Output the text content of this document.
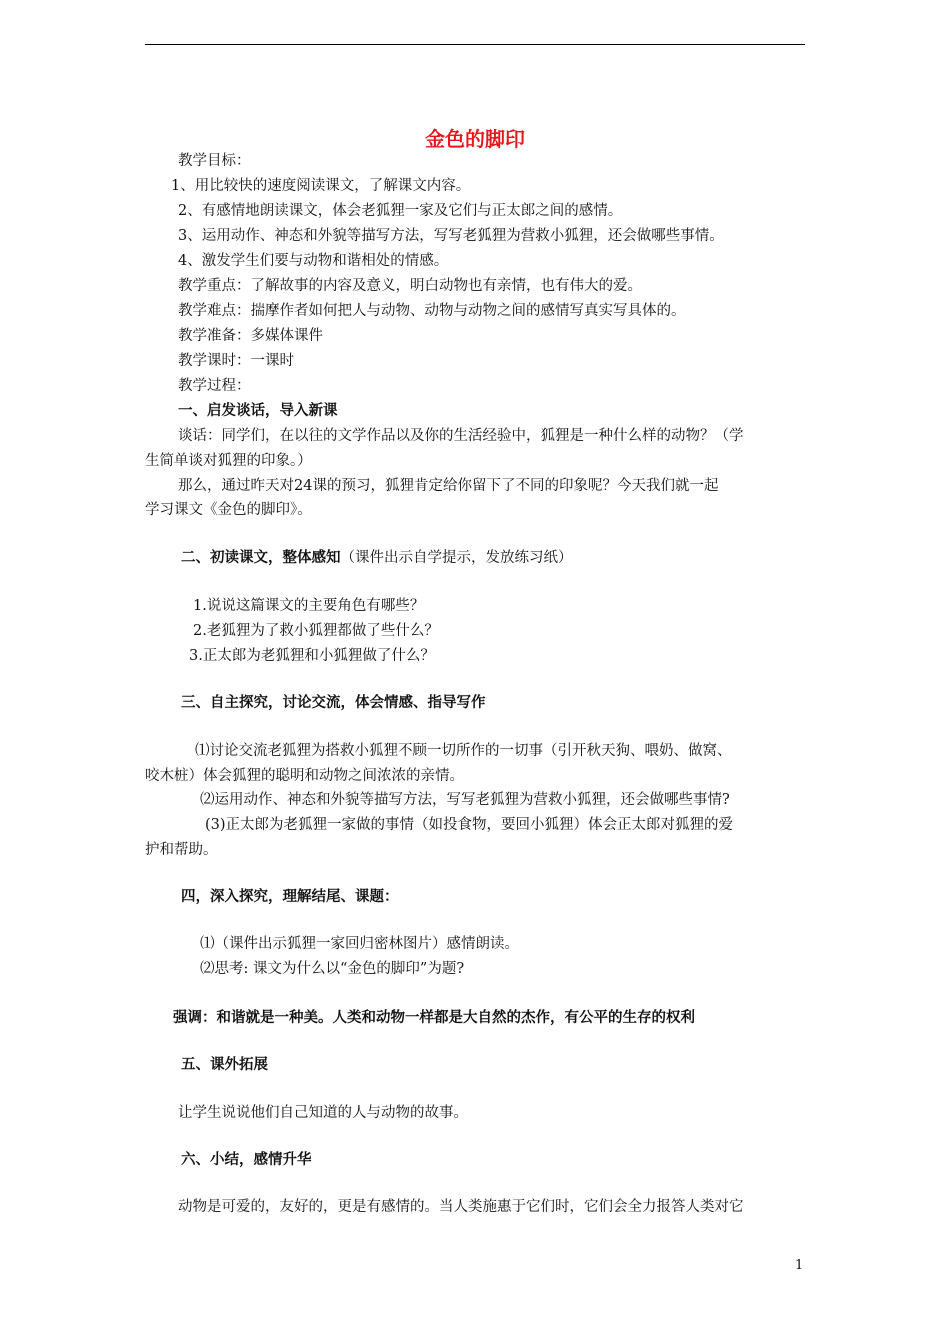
金色的脚印
教学目标：
1、用比较快的速度阅读课文，了解课文内容。
2、有感情地朗读课文，体会老狐狸一家及它们与正太郎之间的感情。
3、运用动作、神态和外貌等描写方法，写写老狐狸为营救小狐狸，还会做哪些事情。
4、激发学生们要与动物和谐相处的情感。
教学重点：了解故事的内容及意义，明白动物也有亲情，也有伟大的爱。
教学难点：揣摩作者如何把人与动物、动物与动物之间的感情写真实写具体的。
教学准备：多媒体课件
教学课时：一课时
教学过程：
一、启发谈话，导入新课
谈话：同学们，在以往的文学作品以及你的生活经验中，狐狸是一种什么样的动物？（学
生简单谈对狐狸的印象。）
那么，通过昨天对24课的预习，狐狸肯定给你留下了不同的印象呢？今天我们就一起
学习课文《金色的脚印》。
二、初读课文，整体感知（课件出示自学提示，发放练习纸）
1.说说这篇课文的主要角色有哪些？
2.老狐狸为了救小狐狸都做了些什么？
3.正太郎为老狐狸和小狐狸做了什么？
三、自主探究，讨论交流，体会情感、指导写作
⑴讨论交流老狐狸为搭救小狐狸不顾一切所作的一切事（引开秋天狗、喂奶、做窝、
咬木桩）体会狐狸的聪明和动物之间浓浓的亲情。
⑵运用动作、神态和外貌等描写方法，写写老狐狸为营救小狐狸，还会做哪些事情?
(3)正太郎为老狐狸一家做的事情（如投食物，要回小狐狸）体会正太郎对狐狸的爱
护和帮助。
四，深入探究，理解结尾、课题：
⑴（课件出示狐狸一家回归密林图片）感情朗读。
⑵思考: 课文为什么以“金色的脚印”为题?
强调：和谐就是一种美。人类和动物一样都是大自然的杰作，有公平的生存的权利
五、课外拓展
让学生说说他们自己知道的人与动物的故事。
六、小结，感情升华
动物是可爱的，友好的，更是有感情的。当人类施惠于它们时，它们会全力报答人类对它
1
